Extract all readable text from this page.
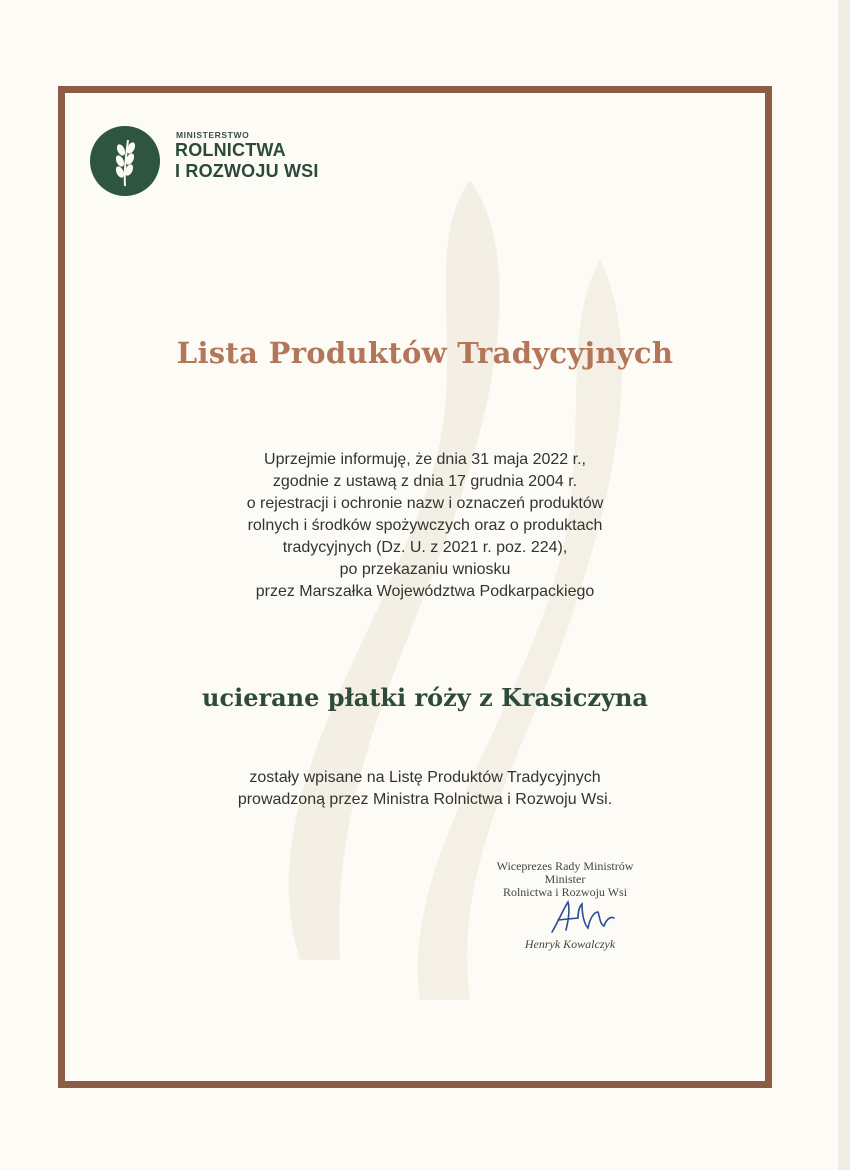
MINISTERSTWO
ROLNICTWA
I ROZWOJU WSI
Lista Produktów Tradycyjnych
Uprzejmie informuję, że dnia 31 maja 2022 r.,
zgodnie z ustawą z dnia 17 grudnia 2004 r.
o rejestracji i ochronie nazw i oznaczeń produktów
rolnych i środków spożywczych oraz o produktach
tradycyjnych (Dz. U. z 2021 r. poz. 224),
po przekazaniu wniosku
przez Marszałka Województwa Podkarpackiego
ucierane płatki róży z Krasiczyna
zostały wpisane na Listę Produktów Tradycyjnych
prowadzoną przez Ministra Rolnictwa i Rozwoju Wsi.
Wiceprezes Rady Ministrów
Minister
Rolnictwa i Rozwoju Wsi
Henryk Kowalczyk
